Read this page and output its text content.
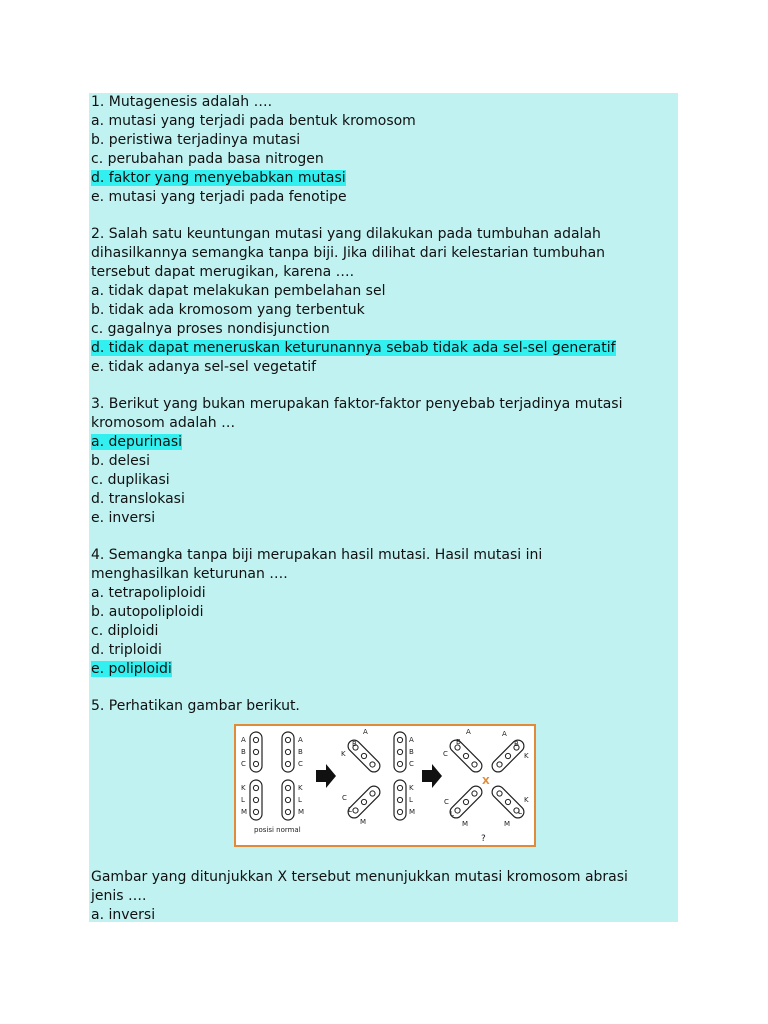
1. Mutagenesis adalah ….
a. mutasi yang terjadi pada bentuk kromosom
b. peristiwa terjadinya mutasi
c. perubahan pada basa nitrogen
d. faktor yang menyebabkan mutasi
e. mutasi yang terjadi pada fenotipe
2. Salah satu keuntungan mutasi yang dilakukan pada tumbuhan adalah
dihasilkannya semangka tanpa biji. Jika dilihat dari kelestarian tumbuhan
tersebut dapat merugikan, karena ….
a. tidak dapat melakukan pembelahan sel
b. tidak ada kromosom yang terbentuk
c. gagalnya proses nondisjunction
d. tidak dapat meneruskan keturunannya sebab tidak ada sel-sel generatif
e. tidak adanya sel-sel vegetatif
3. Berikut yang bukan merupakan faktor-faktor penyebab terjadinya mutasi
kromosom adalah …
a. depurinasi
b. delesi
c. duplikasi
d. translokasi
e. inversi
4. Semangka tanpa biji merupakan hasil mutasi. Hasil mutasi ini
menghasilkan keturunan ….
a. tetrapoliploidi
b. autopoliploidi
c. diploidi
d. triploidi
e. poliploidi
5. Perhatikan gambar berikut.
A
B
C
A
B
C
K
L
M
K
L
M
posisi normal
A
B
K
A
B
C
C
L
M
K
L
M
X
?
A
B
C
A
B
K
C
L
M
K
L
M
Gambar yang ditunjukkan X tersebut menunjukkan mutasi kromosom abrasi
jenis ….
a. inversi
